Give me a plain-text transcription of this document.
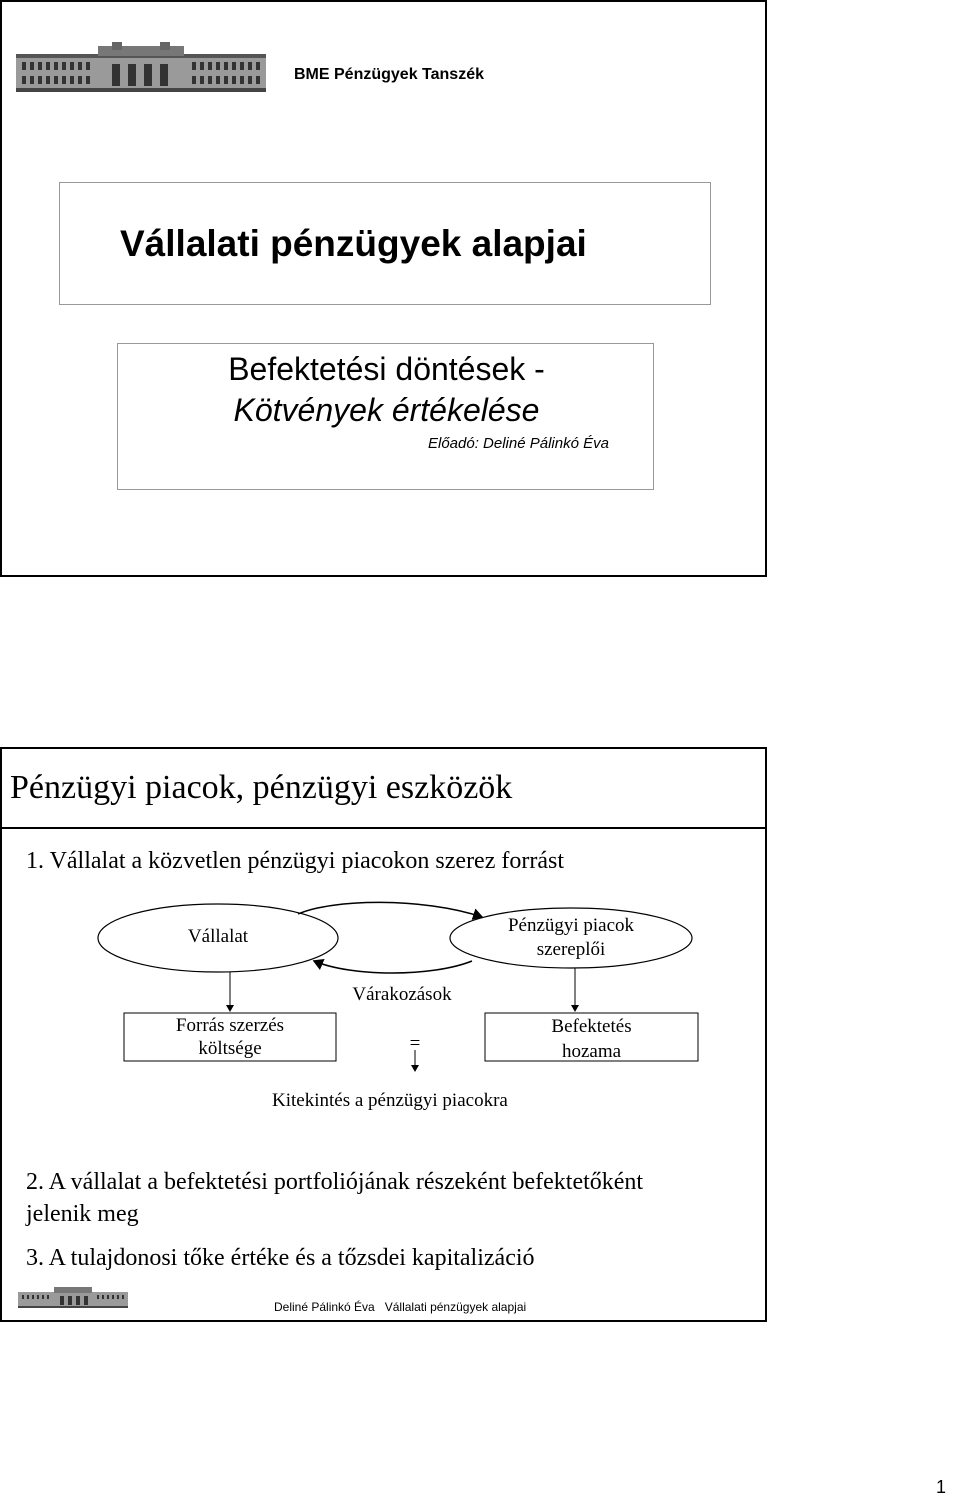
BME Pénzügyek Tanszék
Vállalati pénzügyek alapjai
Befektetési döntések -
Kötvények értékelése
Előadó: Deliné Pálinkó Éva
Pénzügyi piacok, pénzügyi eszközök
1. Vállalat a közvetlen pénzügyi piacokon szerez forrást
Vállalat
Pénzügyi piacok
szereplői
Várakozások
Forrás szerzés
költsége	=
Befektetés
hozama
Kitekintés a pénzügyi piacokra
2. A vállalat a befektetési portfoliójának részeként befektetőként
jelenik meg
3. A tulajdonosi tőke értéke és a tőzsdei kapitalizáció
Deliné Pálinkó Éva   Vállalati pénzügyek alapjai
1
